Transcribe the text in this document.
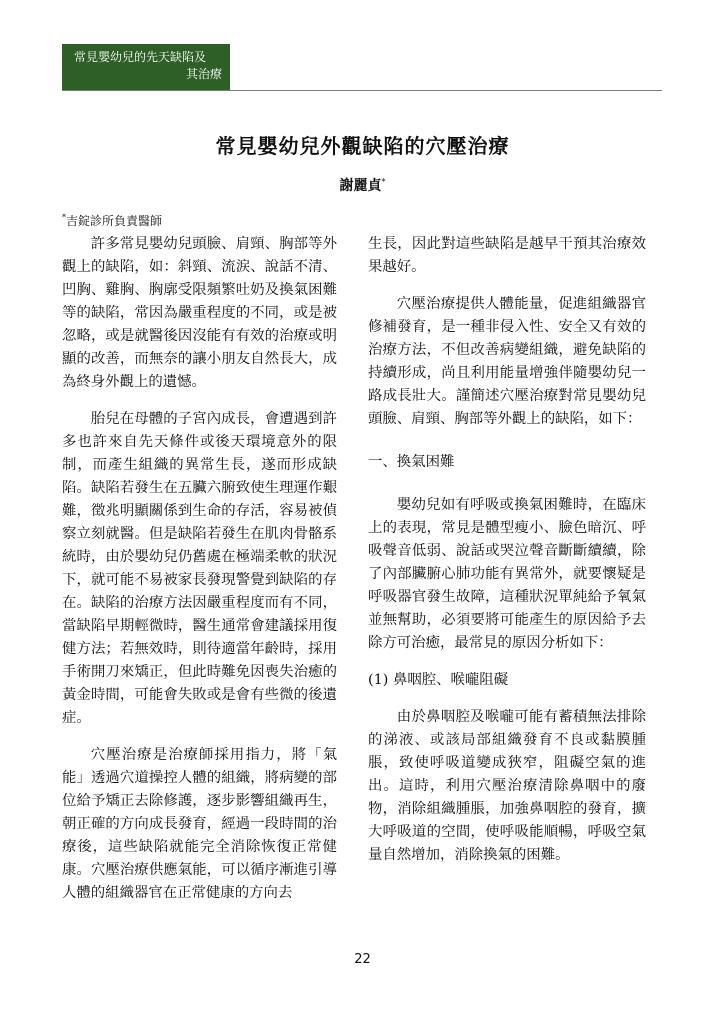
常見嬰幼兒的先天缺陷及
其治療
常見嬰幼兒外觀缺陷的穴壓治療
謝麗貞*
*吉錠診所負責醫師

許多常見嬰幼兒頭臉、肩頸、胸部等外觀上的缺陷，如：斜頸、流涙、說話不清、凹胸、雞胸、胸廓受限頻繁吐奶及換氣困難等的缺陷，常因為嚴重程度的不同，或是被忽略，或是就醫後因沒能有有效的治療或明顯的改善，而無奈的讓小朋友自然長大，成為終身外觀上的遺憾。

胎兒在母體的子宮內成長，會遭遇到許多也許來自先天條件或後天環境意外的限制，而產生組織的異常生長，遂而形成缺陷。缺陷若發生在五臟六腑致使生理運作艱難，徵兆明顯關係到生命的存活，容易被偵察立刻就醫。但是缺陷若發生在肌肉骨骼系統時，由於嬰幼兒仍舊處在極端柔軟的狀況下，就可能不易被家長發現警覺到缺陷的存在。缺陷的治療方法因嚴重程度而有不同，當缺陷早期輕微時，醫生通常會建議採用復健方法；若無效時，則待適當年齡時，採用手術開刀來矯正，但此時難免因喪失治癒的黃金時間，可能會失敗或是會有些微的後遺症。

穴壓治療是治療師採用指力，將「氣能」透過穴道操控人體的組織，將病變的部位給予矯正去除修護，逐步影響組織再生，朝正確的方向成長發育，經過一段時間的治療後，這些缺陷就能完全消除恢復正常健康。穴壓治療供應氣能，可以循序漸進引導人體的組織器官在正常健康的方向去

生長，因此對這些缺陷是越早干預其治療效果越好。

穴壓治療提供人體能量，促進組織器官修補發育，是一種非侵入性、安全又有效的治療方法，不但改善病變組織，避免缺陷的持續形成，尚且利用能量增強伴隨嬰幼兒一路成長壯大。謹簡述穴壓治療對常見嬰幼兒頭臉、肩頸、胸部等外觀上的缺陷，如下：

一、換氣困難

嬰幼兒如有呼吸或換氣困難時，在臨床上的表現，常見是體型瘦小、臉色暗沉、呼吸聲音低弱、說話或哭泣聲音斷斷續續，除了內部臟腑心肺功能有異常外，就要懷疑是呼吸器官發生故障，這種狀況單純給予氧氣並無幫助，必須要將可能產生的原因給予去除方可治癒，最常見的原因分析如下：

(1) 鼻咽腔、喉嚨阻礙

由於鼻咽腔及喉嚨可能有蓄積無法排除的涕液、或該局部組織發育不良或黏膜腫脹，致使呼吸道變成狹窄，阻礙空氣的進出。這時，利用穴壓治療清除鼻咽中的廢物，消除組織腫脹，加強鼻咽腔的發育，擴大呼吸道的空間，使呼吸能順暢，呼吸空氣量自然增加，消除換氣的困難。

22
